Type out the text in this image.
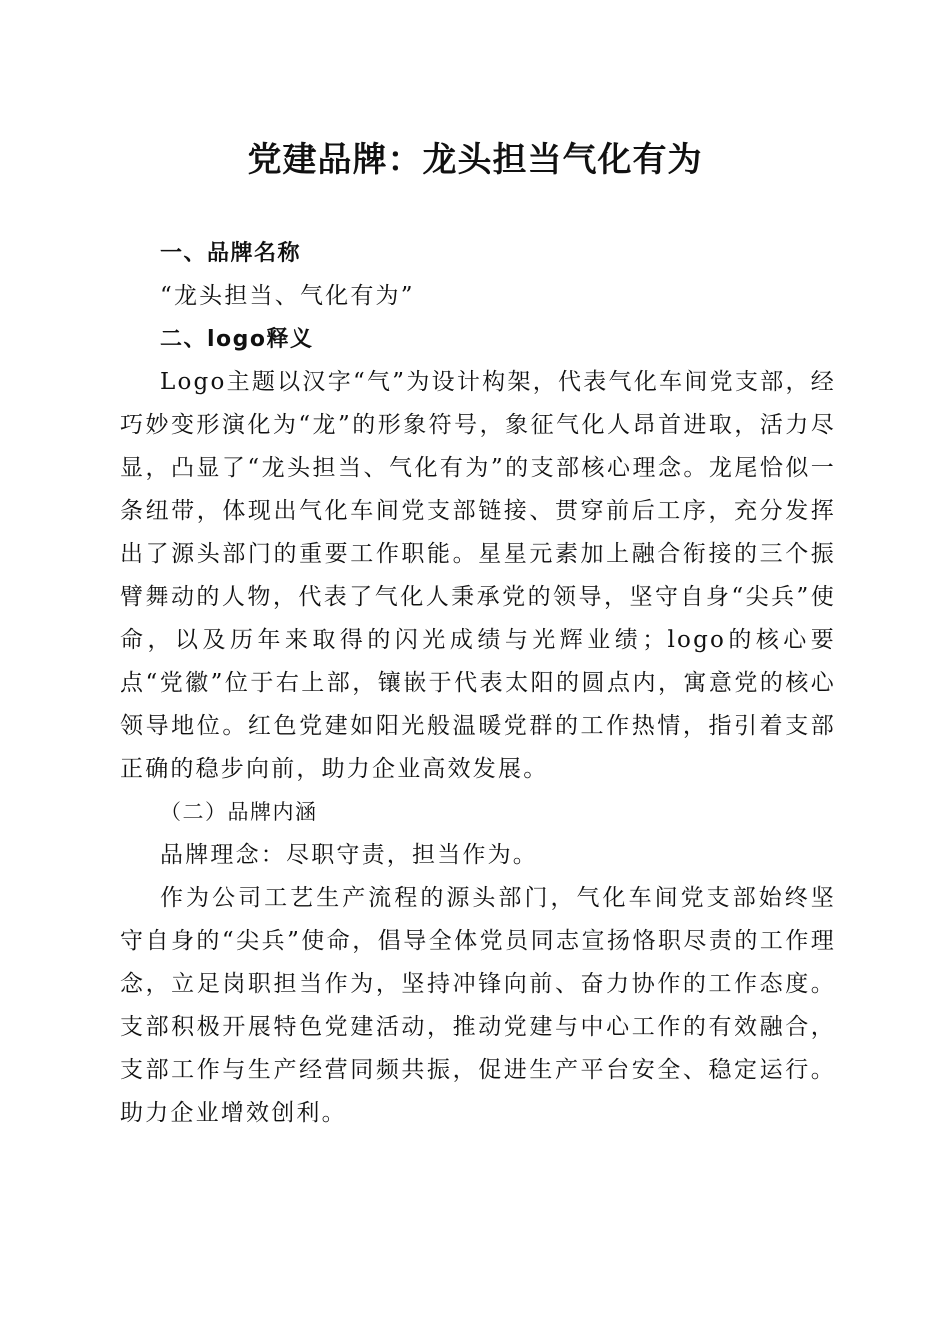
党建品牌：龙头担当气化有为

一、品牌名称

“龙头担当、气化有为”

二、logo释义

Logo主题以汉字“气”为设计构架，代表气化车间党支部，经巧妙变形演化为“龙”的形象符号，象征气化人昂首进取，活力尽显，凸显了“龙头担当、气化有为”的支部核心理念。龙尾恰似一条纽带，体现出气化车间党支部链接、贯穿前后工序，充分发挥出了源头部门的重要工作职能。星星元素加上融合衔接的三个振臂舞动的人物，代表了气化人秉承党的领导，坚守自身“尖兵”使命，以及历年来取得的闪光成绩与光辉业绩；logo的核心要点“党徽”位于右上部，镶嵌于代表太阳的圆点内，寓意党的核心领导地位。红色党建如阳光般温暖党群的工作热情，指引着支部正确的稳步向前，助力企业高效发展。

（二）品牌内涵

品牌理念：尽职守责，担当作为。

作为公司工艺生产流程的源头部门，气化车间党支部始终坚守自身的“尖兵”使命，倡导全体党员同志宣扬恪职尽责的工作理念，立足岗职担当作为，坚持冲锋向前、奋力协作的工作态度。支部积极开展特色党建活动，推动党建与中心工作的有效融合，支部工作与生产经营同频共振，促进生产平台安全、稳定运行。助力企业增效创利。
